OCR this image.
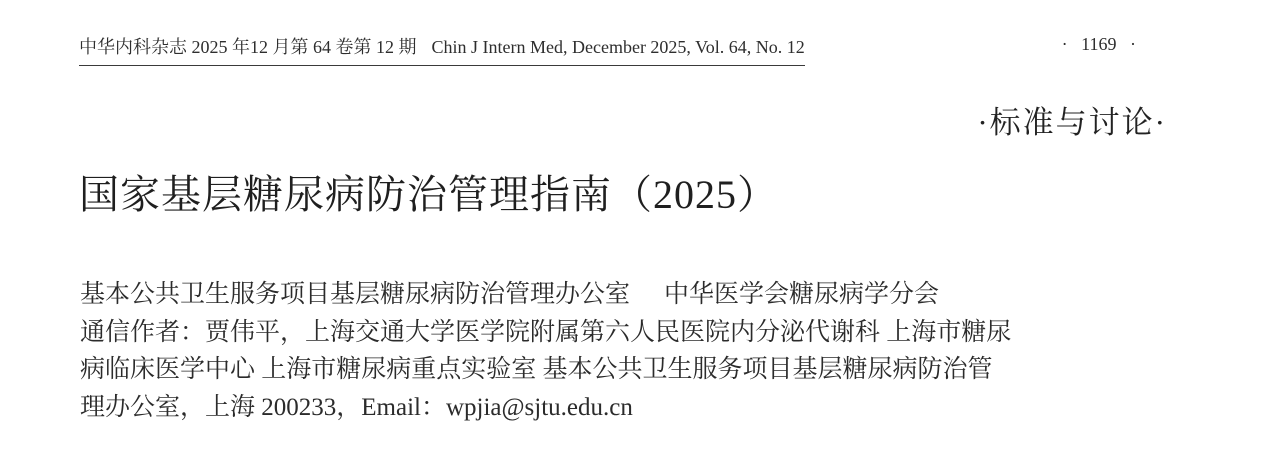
中华内科杂志 2025 年12 月第 64 卷第 12 期 Chin J Intern Med, December 2025, Vol. 64, No. 12	· 1169 ·
·标准与讨论·
国家基层糖尿病防治管理指南（2025）
基本公共卫生服务项目基层糖尿病防治管理办公室 中华医学会糖尿病学分会
通信作者：贾伟平，上海交通大学医学院附属第六人民医院内分泌代谢科 上海市糖尿
病临床医学中心 上海市糖尿病重点实验室 基本公共卫生服务项目基层糖尿病防治管
理办公室，上海 200233，Email：wpjia@sjtu.edu.cn
